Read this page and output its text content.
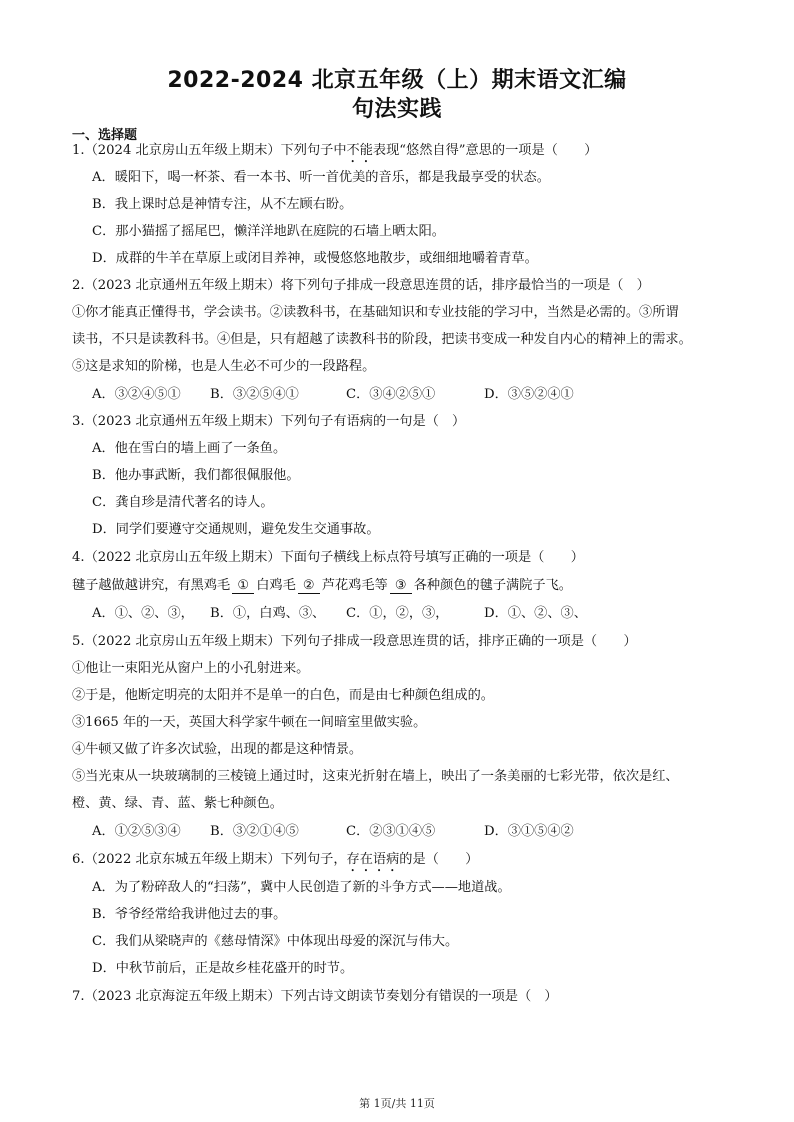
2022-2024 北京五年级（上）期末语文汇编
句法实践
一、选择题
1.（2024 北京房山五年级上期末）下列句子中不能表现“悠然自得”意思的一项是（　　）
A．暖阳下，喝一杯茶、看一本书、听一首优美的音乐，都是我最享受的状态。
B．我上课时总是神情专注，从不左顾右盼。
C．那小猫摇了摇尾巴，懒洋洋地趴在庭院的石墙上晒太阳。
D．成群的牛羊在草原上或闭目养神，或慢悠悠地散步，或细细地嚼着青草。
2.（2023 北京通州五年级上期末）将下列句子排成一段意思连贯的话，排序最恰当的一项是（　）
①你才能真正懂得书，学会读书。②读教科书，在基础知识和专业技能的学习中，当然是必需的。③所谓
读书，不只是读教科书。④但是，只有超越了读教科书的阶段，把读书变成一种发自内心的精神上的需求。
⑤这是求知的阶梯，也是人生必不可少的一段路程。
A．③②④⑤① B．③②⑤④①	C．③④②⑤①	D．③⑤②④①
3.（2023 北京通州五年级上期末）下列句子有语病的一句是（　）
A．他在雪白的墙上画了一条鱼。
B．他办事武断，我们都很佩服他。
C．龚自珍是清代著名的诗人。
D．同学们要遵守交通规则，避免发生交通事故。
4.（2022 北京房山五年级上期末）下面句子横线上标点符号填写正确的一项是（　　）
毽子越做越讲究，有黑鸡毛 ① 白鸡毛 ② 芦花鸡毛等 ③ 各种颜色的毽子满院子飞。
A．①、②、③， B．①，白鸡、③、 C．①，②，③，	D．①、②、③、
5.（2022 北京房山五年级上期末）下列句子排成一段意思连贯的话，排序正确的一项是（　　）
①他让一束阳光从窗户上的小孔射进来。
②于是，他断定明亮的太阳并不是单一的白色，而是由七种颜色组成的。
③1665 年的一天，英国大科学家牛顿在一间暗室里做实验。
④牛顿又做了许多次试验，出现的都是这种情景。
⑤当光束从一块玻璃制的三棱镜上通过时，这束光折射在墙上，映出了一条美丽的七彩光带，依次是红、
橙、黄、绿、青、蓝、紫七种颜色。
A．①②⑤③④ B．③②①④⑤	C．②③①④⑤	D．③①⑤④②
6.（2022 北京东城五年级上期末）下列句子，存在语病的是（　　）
A．为了粉碎敌人的“扫荡”，冀中人民创造了新的斗争方式——地道战。
B．爷爷经常给我讲他过去的事。
C．我们从梁晓声的《慈母情深》中体现出母爱的深沉与伟大。
D．中秋节前后，正是故乡桂花盛开的时节。
7.（2023 北京海淀五年级上期末）下列古诗文朗读节奏划分有错误的一项是（　）
第 1页/共 11页
